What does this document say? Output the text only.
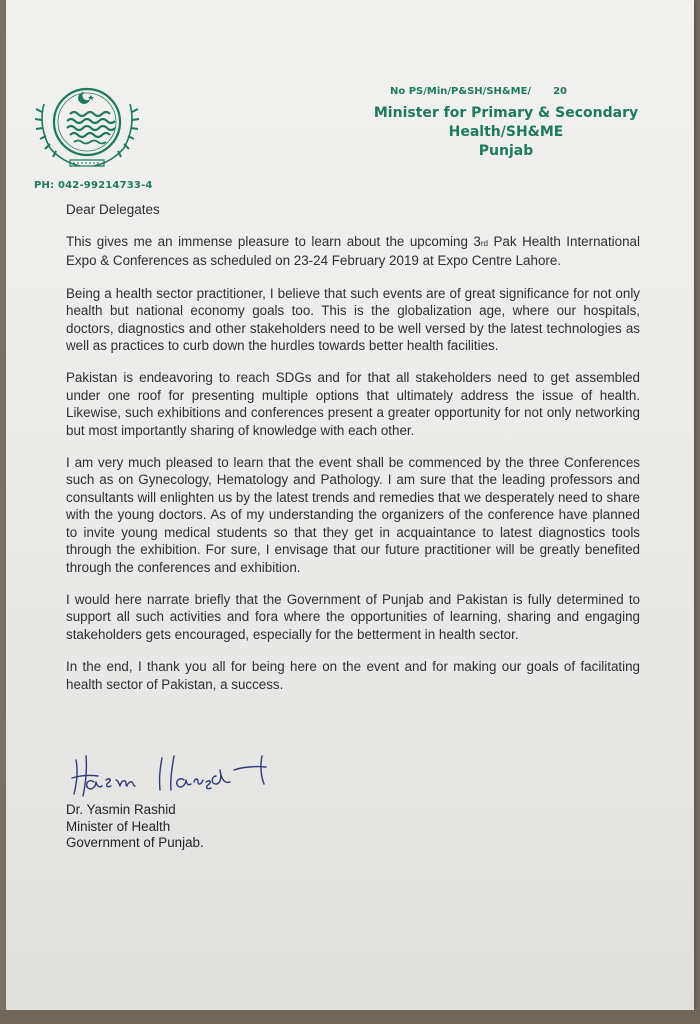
PH: 042-99214733-4
No PS/Min/P&SH/SH&ME/ 20
Minister for Primary & Secondary
Health/SH&ME
Punjab
Dear Delegates

This gives me an immense pleasure to learn about the upcoming 3rd Pak Health International Expo & Conferences as scheduled on 23-24 February 2019 at Expo Centre Lahore.

Being a health sector practitioner, I believe that such events are of great significance for not only health but national economy goals too. This is the globalization age, where our hospitals, doctors, diagnostics and other stakeholders need to be well versed by the latest technologies as well as practices to curb down the hurdles towards better health facilities.

Pakistan is endeavoring to reach SDGs and for that all stakeholders need to get assembled under one roof for presenting multiple options that ultimately address the issue of health. Likewise, such exhibitions and conferences present a greater opportunity for not only networking but most importantly sharing of knowledge with each other.

I am very much pleased to learn that the event shall be commenced by the three Conferences such as on Gynecology, Hematology and Pathology. I am sure that the leading professors and consultants will enlighten us by the latest trends and remedies that we desperately need to share with the young doctors. As of my understanding the organizers of the conference have planned to invite young medical students so that they get in acquaintance to latest diagnostics tools through the exhibition. For sure, I envisage that our future practitioner will be greatly benefited through the conferences and exhibition.

I would here narrate briefly that the Government of Punjab and Pakistan is fully determined to support all such activities and fora where the opportunities of learning, sharing and engaging stakeholders gets encouraged, especially for the betterment in health sector.

In the end, I thank you all for being here on the event and for making our goals of facilitating health sector of Pakistan, a success.

Dr. Yasmin Rashid
Minister of Health
Government of Punjab.
